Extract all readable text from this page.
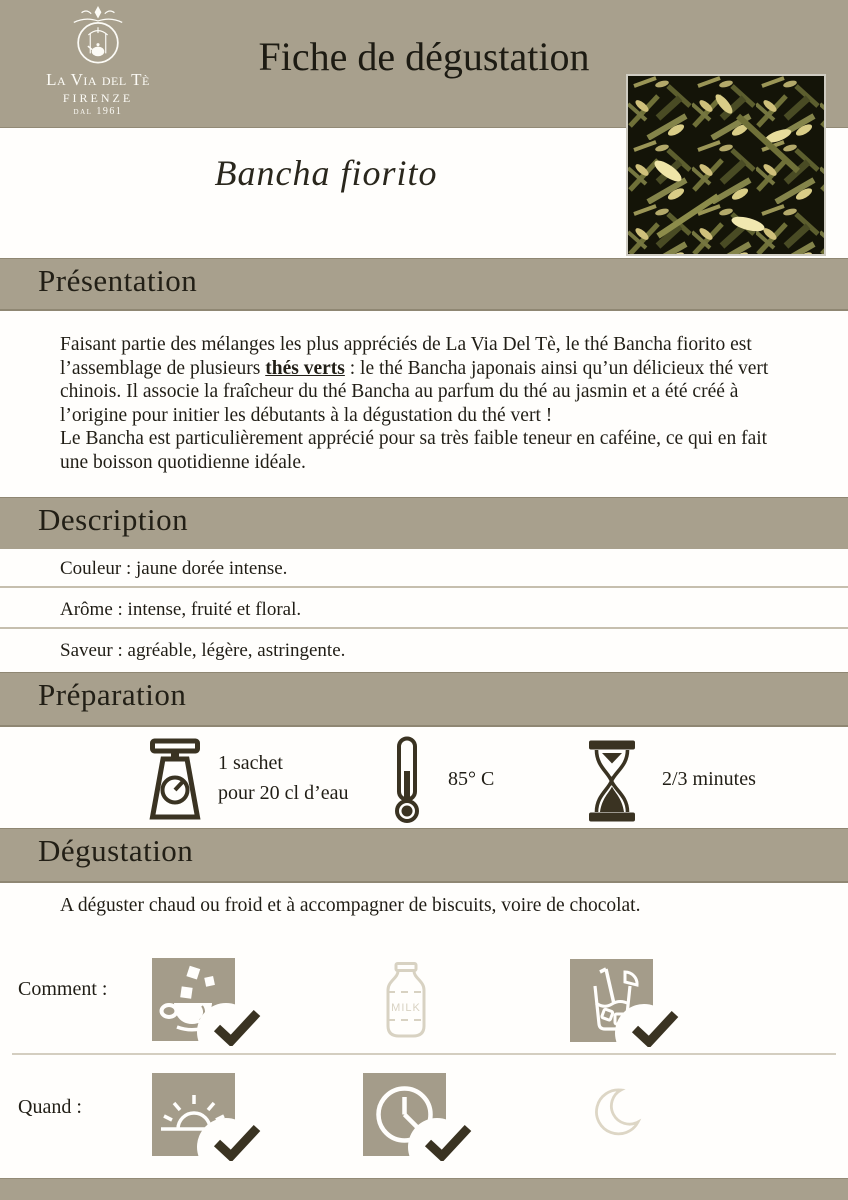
La Via del Tè
FIRENZE
dal 1961
Fiche de dégustation
Bancha fiorito
Présentation
Faisant partie des mélanges les plus appréciés de La Via Del Tè, le thé Bancha fiorito est l’assemblage de plusieurs thés verts : le thé Bancha japonais ainsi qu’un délicieux thé vert chinois. Il associe la fraîcheur du thé Bancha au parfum du thé au jasmin et a été créé à l’origine pour initier les débutants à la dégustation du thé vert !
Le Bancha est particulièrement apprécié pour sa très faible teneur en caféine, ce qui en fait une boisson quotidienne idéale.
Description
Couleur : jaune dorée intense.
Arôme : intense, fruité et floral.
Saveur : agréable, légère, astringente.
Préparation
1 sachet
pour 20 cl d’eau
85° C	2/3 minutes
Dégustation
A déguster chaud ou froid et à accompagner de biscuits, voire de chocolat.
Comment :
MILK
Quand :
